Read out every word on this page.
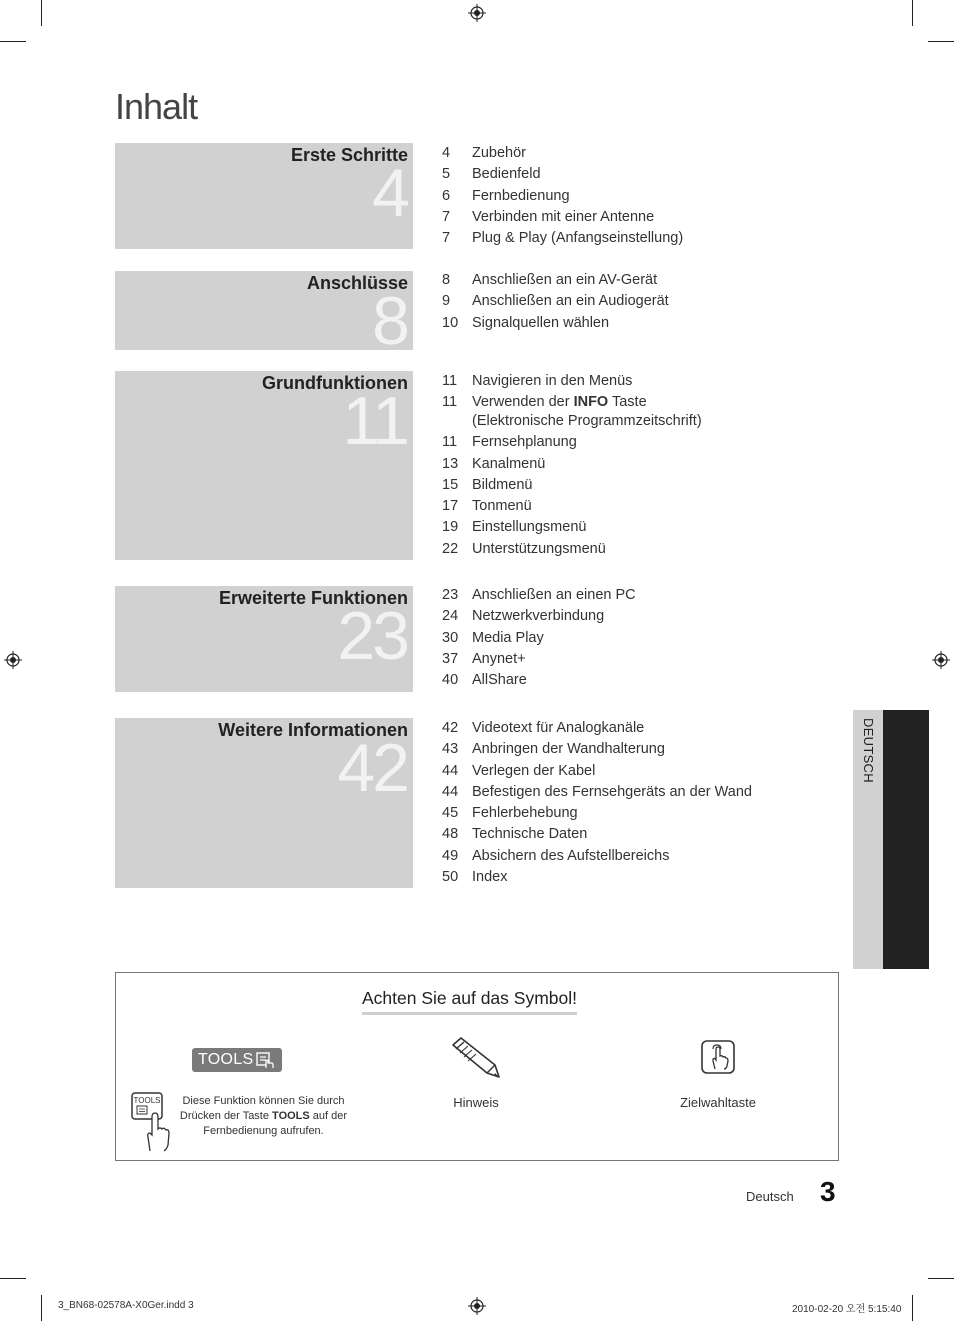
Inhalt
Erste Schritte
4
4	Zubehör
5	Bedienfeld
6	Fernbedienung
7	Verbinden mit einer Antenne
7	Plug & Play (Anfangseinstellung)
Anschlüsse
8
8	Anschließen an ein AV-Gerät
9	Anschließen an ein Audiogerät
10 Signalquellen wählen
Grundfunktionen
11
11	Navigieren in den Menüs
11	Verwenden der INFO Taste
(Elektronische Programmzeitschrift)
11	Fernsehplanung
13 Kanalmenü
15 Bildmenü
17 Tonmenü
19 Einstellungsmenü
22 Unterstützungsmenü
Erweiterte Funktionen
23
23 Anschließen an einen PC
24 Netzwerkverbindung
30 Media Play
37 Anynet+
40 AllShare
Weitere Informationen
42
42 Videotext für Analogkanäle
43 Anbringen der Wandhalterung
44 Verlegen der Kabel
44 Befestigen des Fernsehgeräts an der Wand
45 Fehlerbehebung
48 Technische Daten
49 Absichern des Aufstellbereichs
50 Index
DEUTSCH
Achten Sie auf das Symbol!
TOOLS
TOOLS	Diese Funktion können Sie durch Drücken der Taste TOOLS auf der Fernbedienung aufrufen.
Hinweis	Zielwahltaste
Deutsch 3
3_BN68-02578A-X0Ger.indd 3	2010-02-20 오전 5:15:40
